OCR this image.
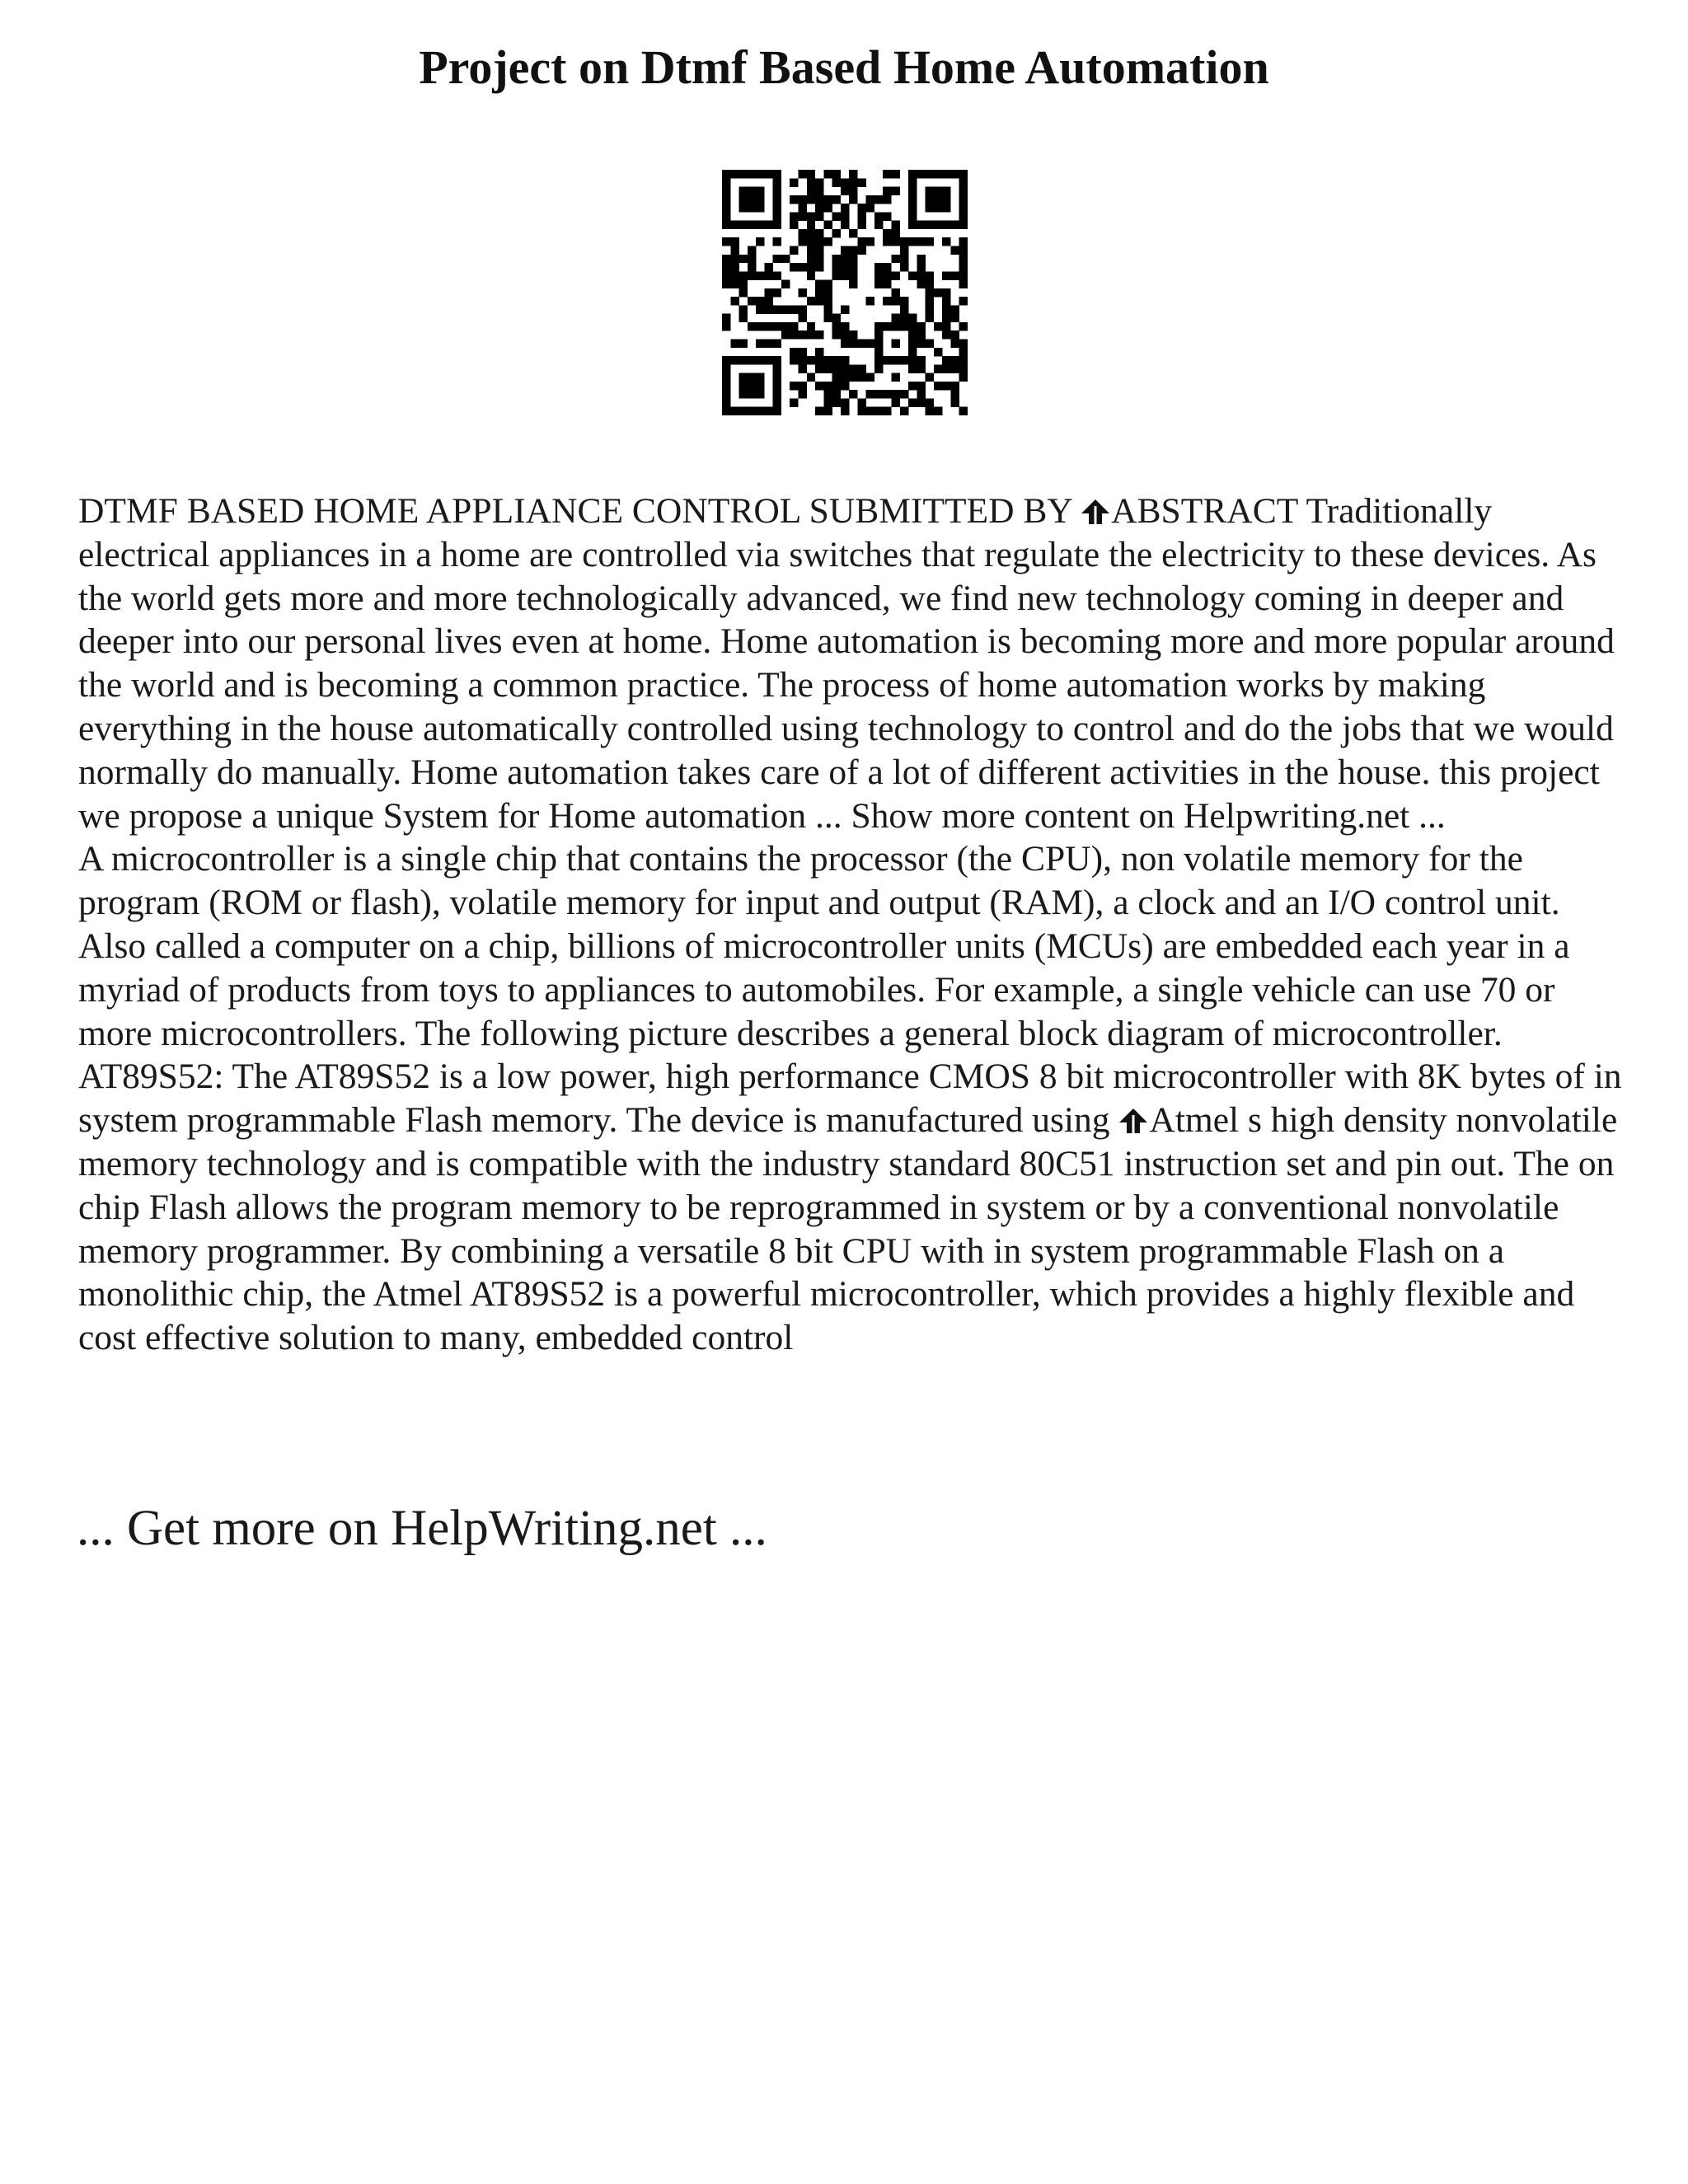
Project on Dtmf Based Home Automation

DTMF BASED HOME APPLIANCE CONTROL SUBMITTED BY
ABSTRACT Traditionally electrical appliances in a home are controlled via switches that regulate the electricity to these devices. As the world gets more and more technologically advanced, we find new technology coming in deeper and deeper into our personal lives even at home. Home automation is becoming more and more popular around the world and is becoming a common practice. The process of home automation works by making everything in the house automatically controlled using technology to control and do the jobs that we would normally do manually. Home automation takes care of a lot of different activities in the house. this project we propose a unique System for Home automation ... Show more content on Helpwriting.net ...

A microcontroller is a single chip that contains the processor (the CPU), non volatile memory for the program (ROM or flash), volatile memory for input and output (RAM), a clock and an I/O control unit. Also called a computer on a chip, billions of microcontroller units (MCUs) are embedded each year in a myriad of products from toys to appliances to automobiles. For example, a single vehicle can use 70 or more microcontrollers. The following picture describes a general block diagram of microcontroller. AT89S52: The AT89S52 is a low power, high performance CMOS 8 bit microcontroller with 8K bytes of in system programmable Flash memory. The device is manufactured using
Atmel s high density nonvolatile memory technology and is compatible with the industry standard 80C51 instruction set and pin out. The on chip Flash allows the program memory to be reprogrammed in system or by a conventional nonvolatile memory programmer. By combining a versatile 8 bit CPU with in system programmable Flash on a monolithic chip, the Atmel AT89S52 is a powerful microcontroller, which provides a highly flexible and cost effective solution to many, embedded control

... Get more on HelpWriting.net ...
